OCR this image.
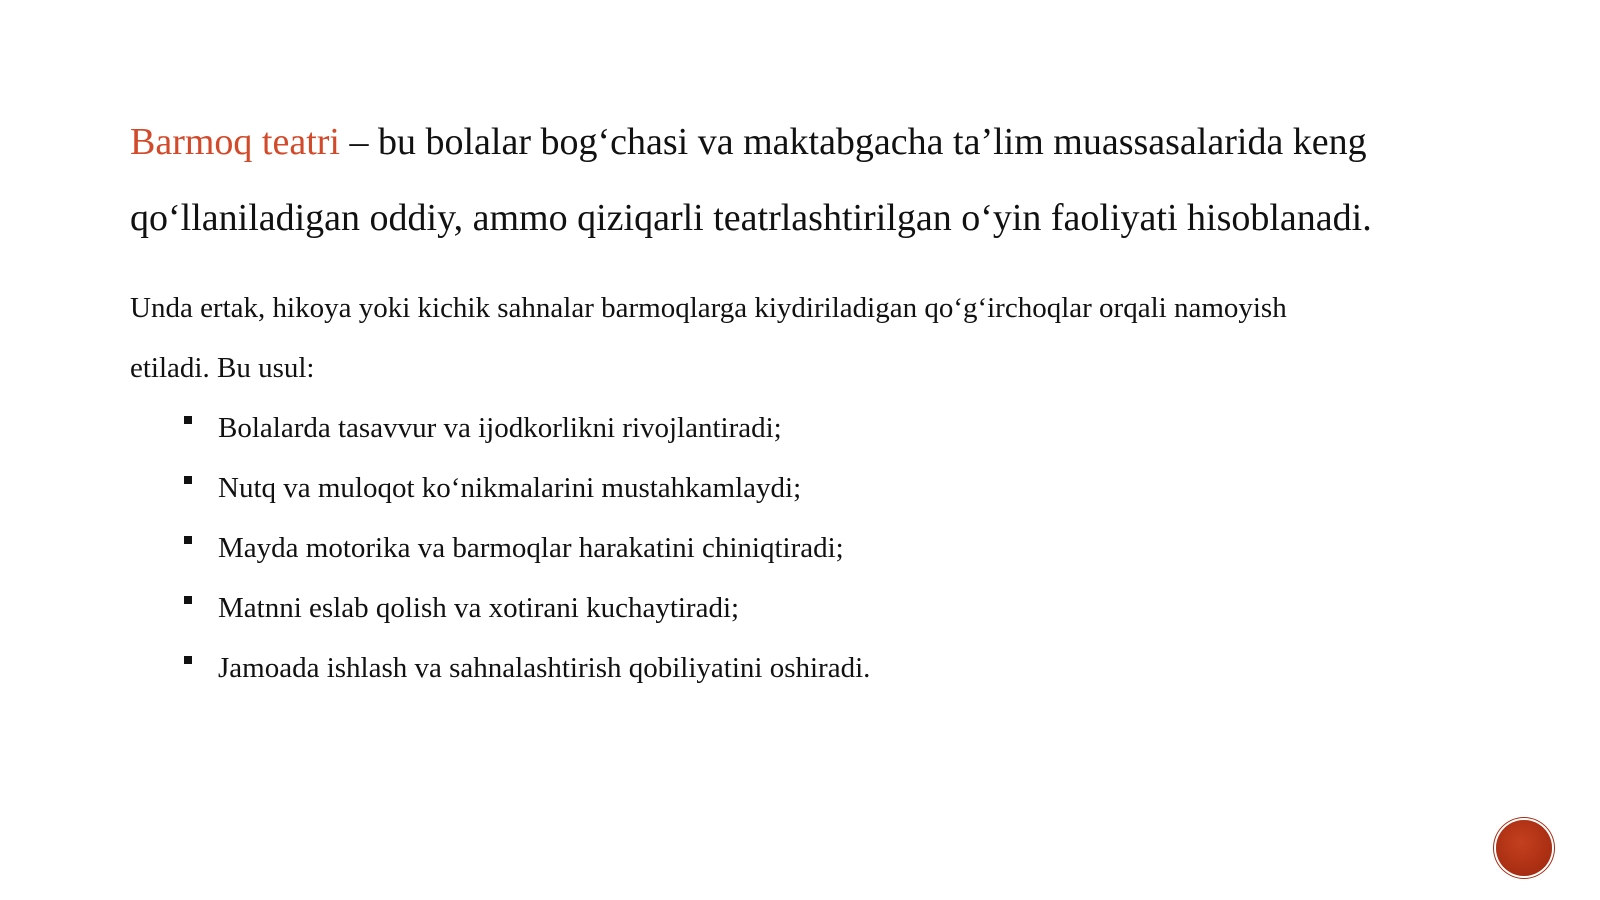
Barmoq teatri – bu bolalar bog‘chasi va maktabgacha ta’lim muassasalarida keng
qo‘llaniladigan oddiy, ammo qiziqarli teatrlashtirilgan o‘yin faoliyati hisoblanadi.

Unda ertak, hikoya yoki kichik sahnalar barmoqlarga kiydiriladigan qo‘g‘irchoqlar orqali namoyish
etiladi. Bu usul:

Bolalarda tasavvur va ijodkorlikni rivojlantiradi;
Nutq va muloqot ko‘nikmalarini mustahkamlaydi;
Mayda motorika va barmoqlar harakatini chiniqtiradi;
Matnni eslab qolish va xotirani kuchaytiradi;
Jamoada ishlash va sahnalashtirish qobiliyatini oshiradi.
